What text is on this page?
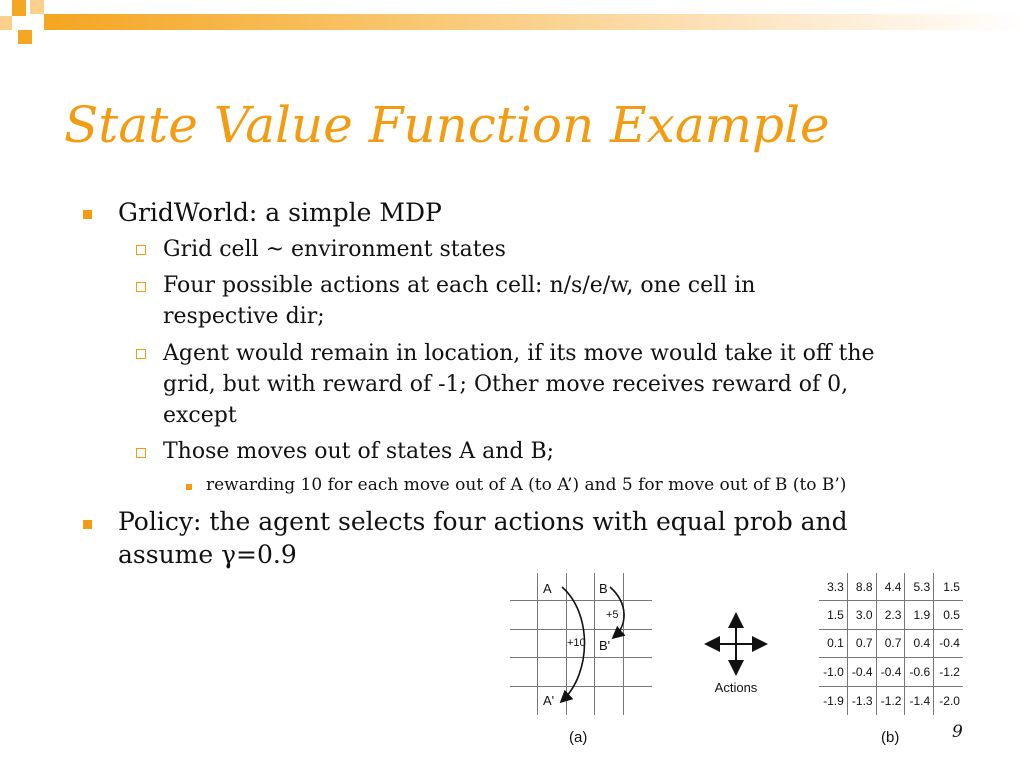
State Value Function Example
GridWorld: a simple MDP
Grid cell ~ environment states
Four possible actions at each cell: n/s/e/w, one cell in
respective dir;
Agent would remain in location, if its move would take it off the
grid, but with reward of -1; Other move receives reward of 0,
except
Those moves out of states A and B;
rewarding 10 for each move out of A (to A’) and 5 for move out of B (to B’)
Policy: the agent selects four actions with equal prob and
assume γ=0.9
A	B
+5
+10 B'
A'
(a)
Actions
3.3	8.8	4.4	5.3	1.5
1.5	3.0	2.3	1.9	0.5
0.1	0.7	0.7	0.4 -0.4
-1.0 -0.4 -0.4 -0.6 -1.2
-1.9 -1.3 -1.2 -1.4 -2.0
(b)	9
